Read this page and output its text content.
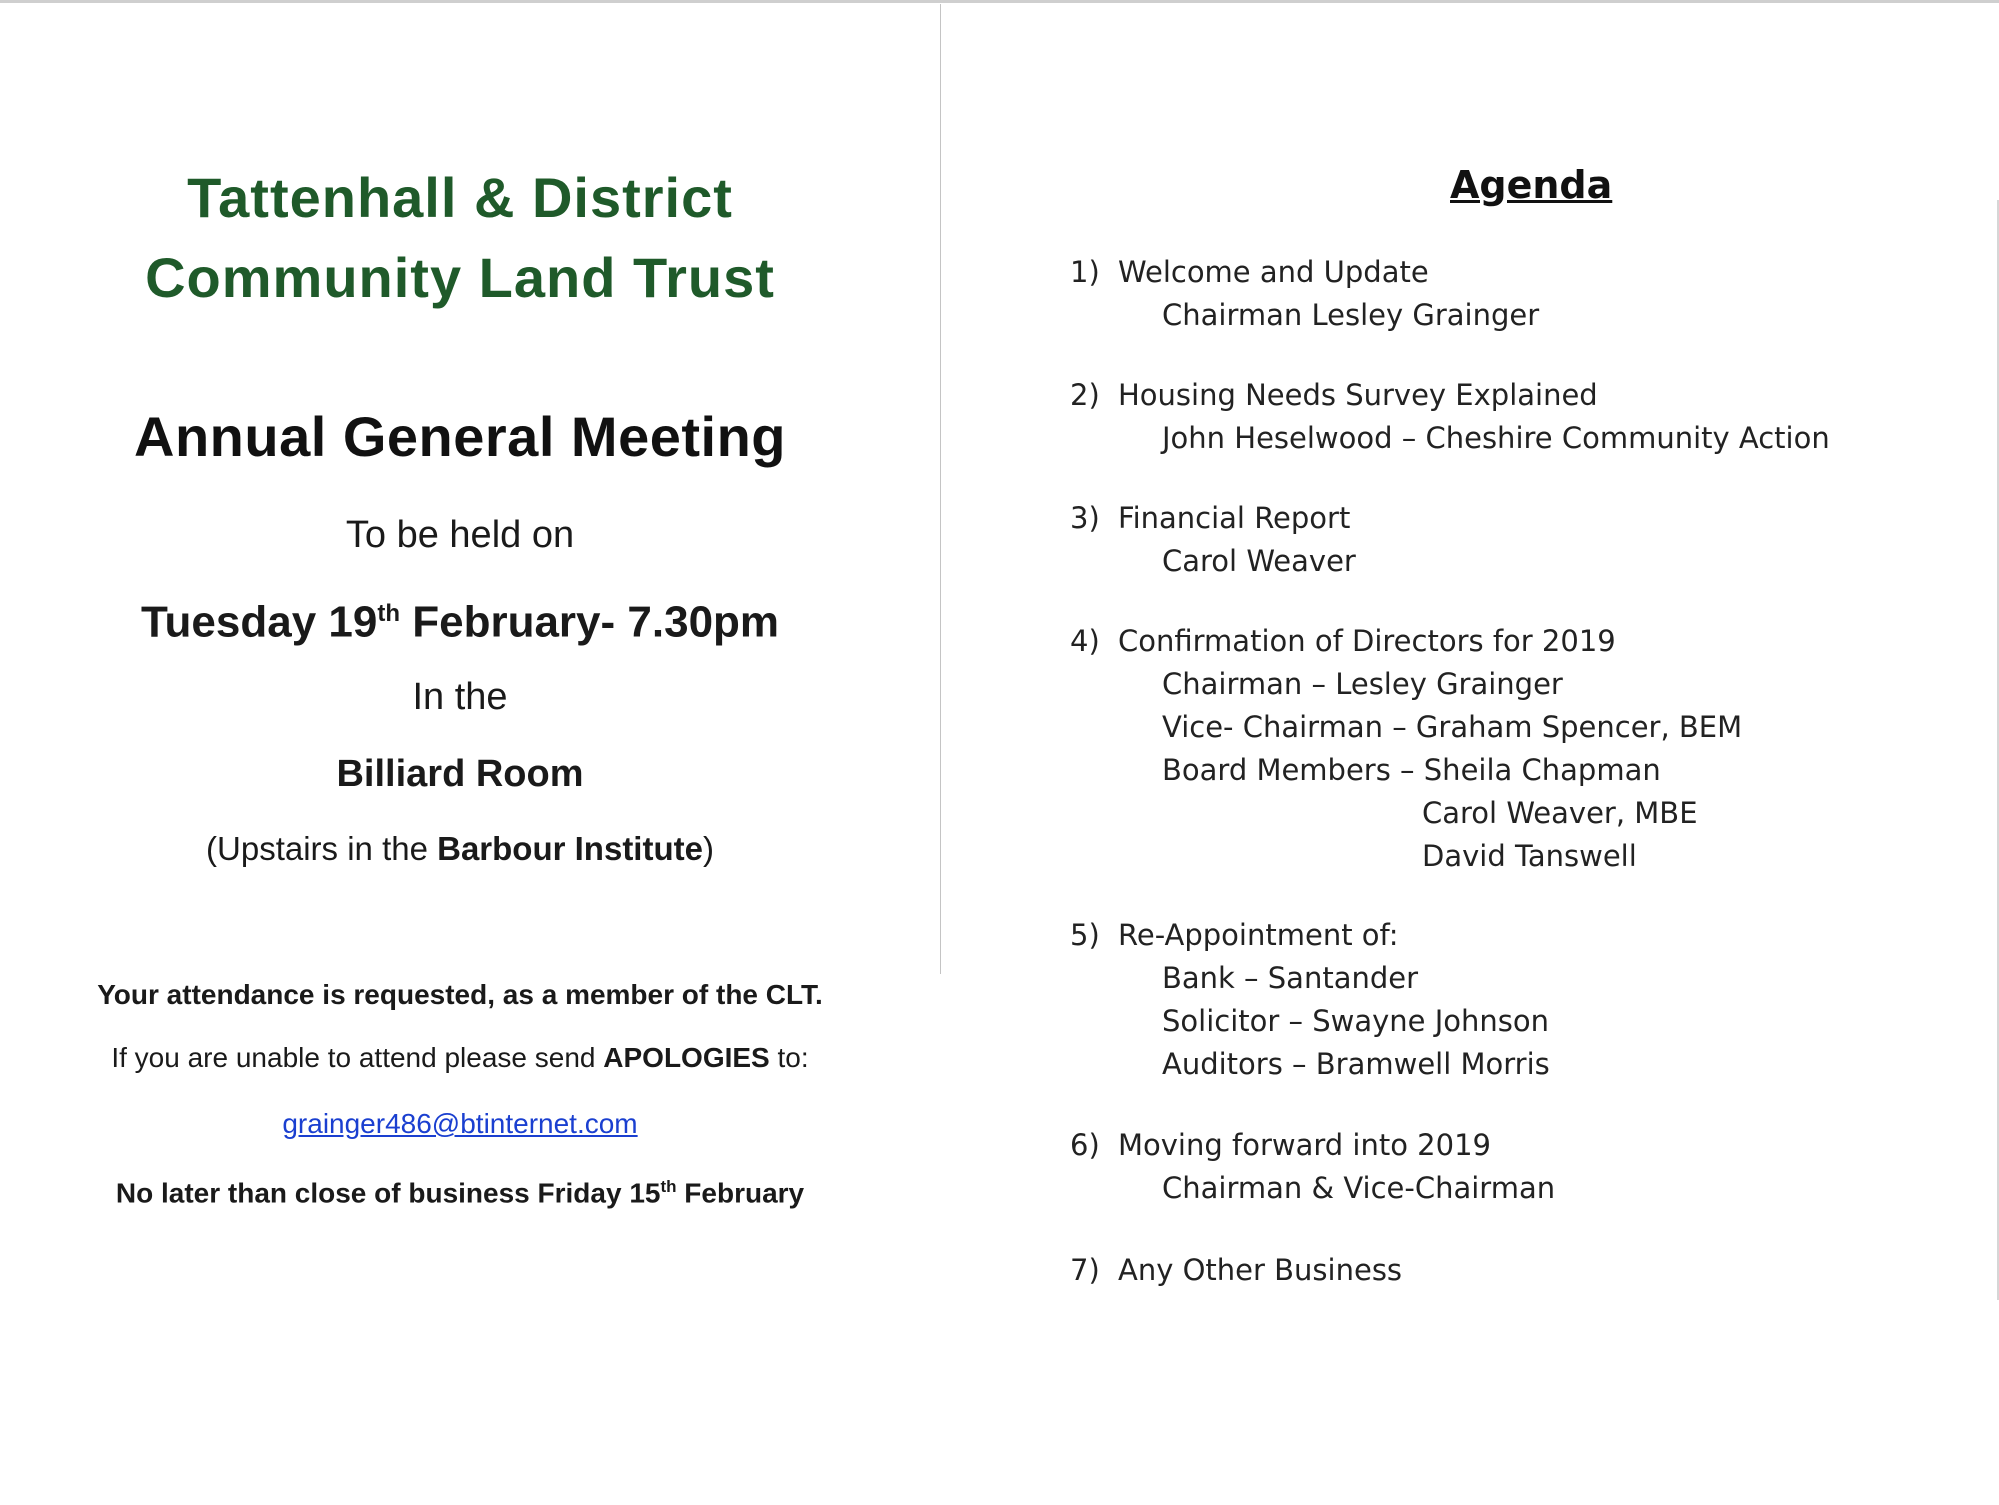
Tattenhall & District
Community Land Trust
Annual General Meeting
To be held on
Tuesday 19th February- 7.30pm
In the
Billiard Room
(Upstairs in the Barbour Institute)
Your attendance is requested, as a member of the CLT.
If you are unable to attend please send APOLOGIES to:
grainger486@btinternet.com
No later than close of business Friday 15th February
Agenda
1) Welcome and Update
Chairman Lesley Grainger
2) Housing Needs Survey Explained
John Heselwood – Cheshire Community Action
3) Financial Report
Carol Weaver
4) Confirmation of Directors for 2019
Chairman – Lesley Grainger
Vice- Chairman – Graham Spencer, BEM
Board Members – Sheila Chapman
Carol Weaver, MBE
David Tanswell
5) Re-Appointment of:
Bank – Santander
Solicitor – Swayne Johnson
Auditors – Bramwell Morris
6) Moving forward into 2019
Chairman & Vice-Chairman
7) Any Other Business
